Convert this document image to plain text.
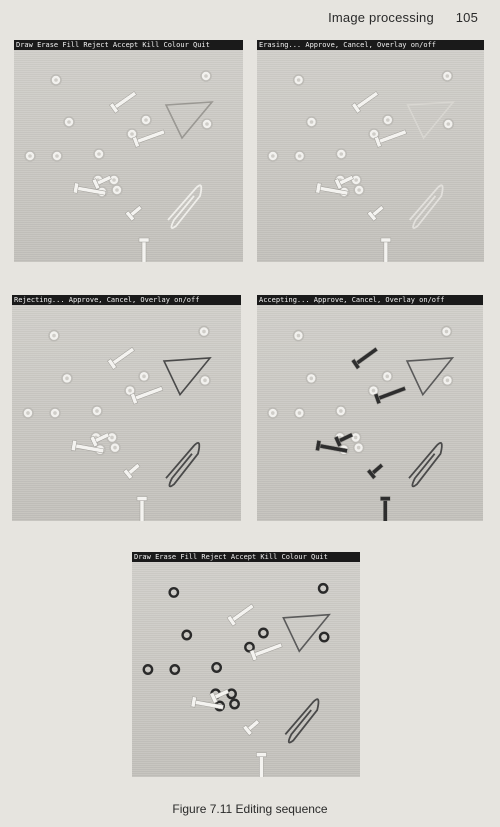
Image processing 105
Draw Erase Fill Reject Accept Kill Colour Quit	Erasing... Approve, Cancel, Overlay on/off
Rejecting... Approve, Cancel, Overlay on/off	Accepting... Approve, Cancel, Overlay on/off
Draw Erase Fill Reject Accept Kill Colour Quit
Figure 7.11 Editing sequence
